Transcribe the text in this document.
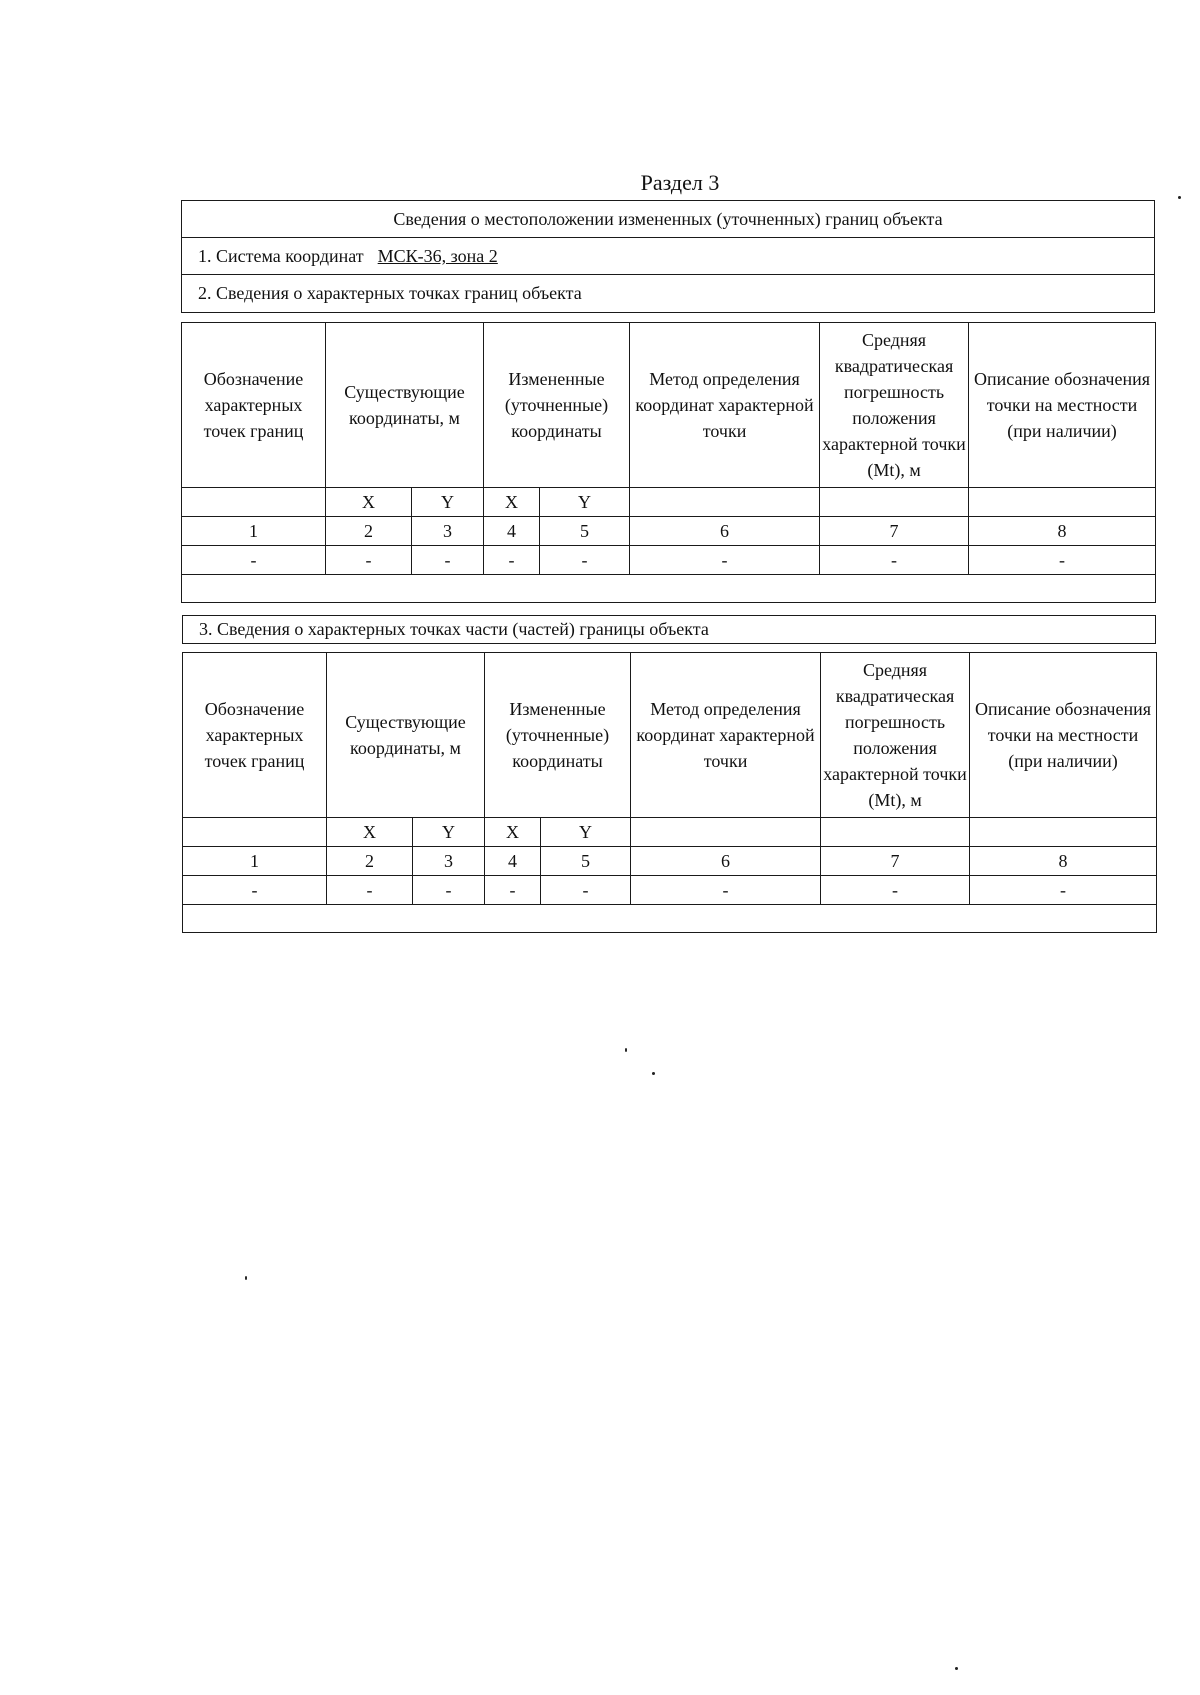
Раздел 3
Сведения о местоположении измененных (уточненных) границ объекта
1. Система координат МСК-36, зона 2
2. Сведения о характерных точках границ объекта
Обозначение характерных точек границ	Существующие координаты, м		Измененные (уточненные) координаты		Метод определения координат характерной точки	Средняя квадратическая погрешность положения характерной точки (Mt), м	Описание обозначения точки на местности (при наличии)
	X	Y	X	Y			
1	2	3	4	5	6	7	8
-	-	-	-	-	-	-	-

3. Сведения о характерных точках части (частей) границы объекта
Обозначение характерных точек границ	Существующие координаты, м		Измененные (уточненные) координаты		Метод определения координат характерной точки	Средняя квадратическая погрешность положения характерной точки (Mt), м	Описание обозначения точки на местности (при наличии)
	X	Y	X	Y			
1	2	3	4	5	6	7	8
-	-	-	-	-	-	-	-
